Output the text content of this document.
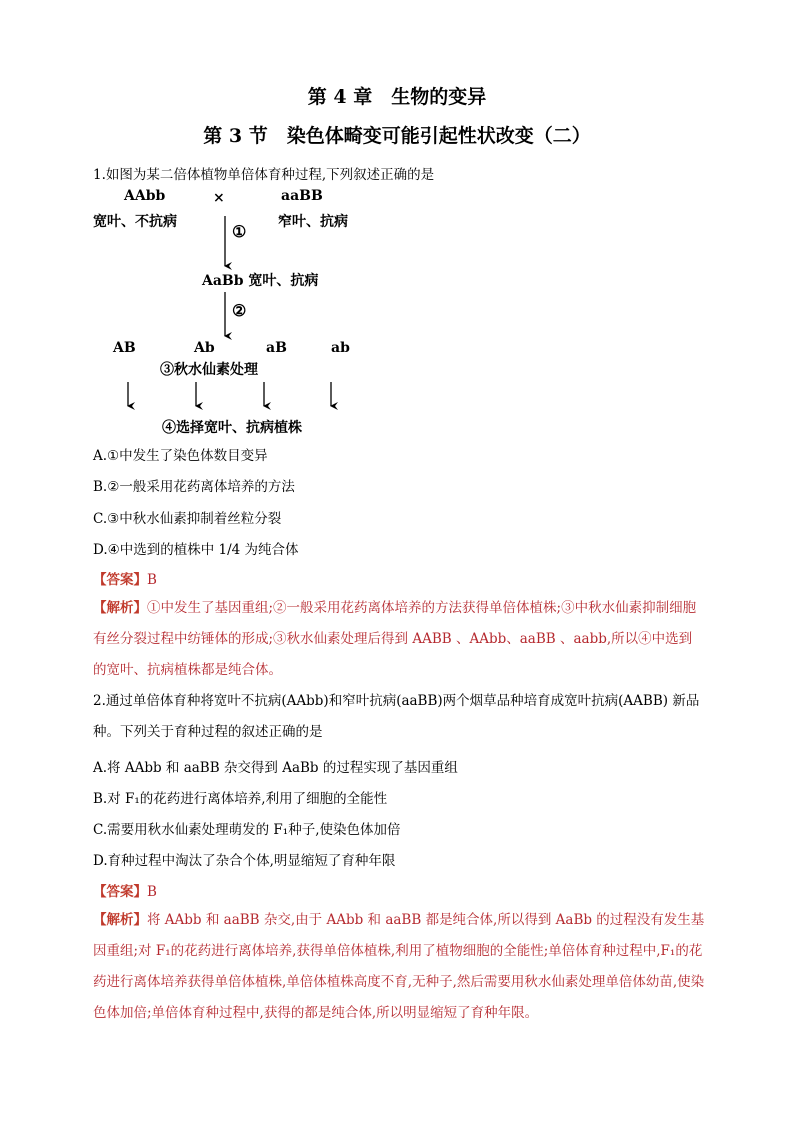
第 4 章　生物的变异
第 3 节　染色体畸变可能引起性状改变（二）
1.如图为某二倍体植物单倍体育种过程,下列叙述正确的是
AAbb	×	aaBB
宽叶、不抗病	窄叶、抗病
①
AaBb 宽叶、抗病
②
AB	Ab	aB	ab
③秋水仙素处理
④选择宽叶、抗病植株
A.①中发生了染色体数目变异
B.②一般采用花药离体培养的方法
C.③中秋水仙素抑制着丝粒分裂
D.④中选到的植株中 1/4 为纯合体
【答案】B
【解析】①中发生了基因重组;②一般采用花药离体培养的方法获得单倍体植株;③中秋水仙素抑制细胞有丝分裂过程中纺锤体的形成;③秋水仙素处理后得到 AABB 、AAbb、aaBB 、aabb,所以④中选到的宽叶、抗病植株都是纯合体。
2.通过单倍体育种将宽叶不抗病(AAbb)和窄叶抗病(aaBB)两个烟草品种培育成宽叶抗病(AABB) 新品种。下列关于育种过程的叙述正确的是
A.将 AAbb 和 aaBB 杂交得到 AaBb 的过程实现了基因重组
B.对 F₁的花药进行离体培养,利用了细胞的全能性
C.需要用秋水仙素处理萌发的 F₁种子,使染色体加倍
D.育种过程中淘汰了杂合个体,明显缩短了育种年限
【答案】B
【解析】将 AAbb 和 aaBB 杂交,由于 AAbb 和 aaBB 都是纯合体,所以得到 AaBb 的过程没有发生基因重组;对 F₁的花药进行离体培养,获得单倍体植株,利用了植物细胞的全能性;单倍体育种过程中,F₁的花药进行离体培养获得单倍体植株,单倍体植株高度不育,无种子,然后需要用秋水仙素处理单倍体幼苗,使染色体加倍;单倍体育种过程中,获得的都是纯合体,所以明显缩短了育种年限。
